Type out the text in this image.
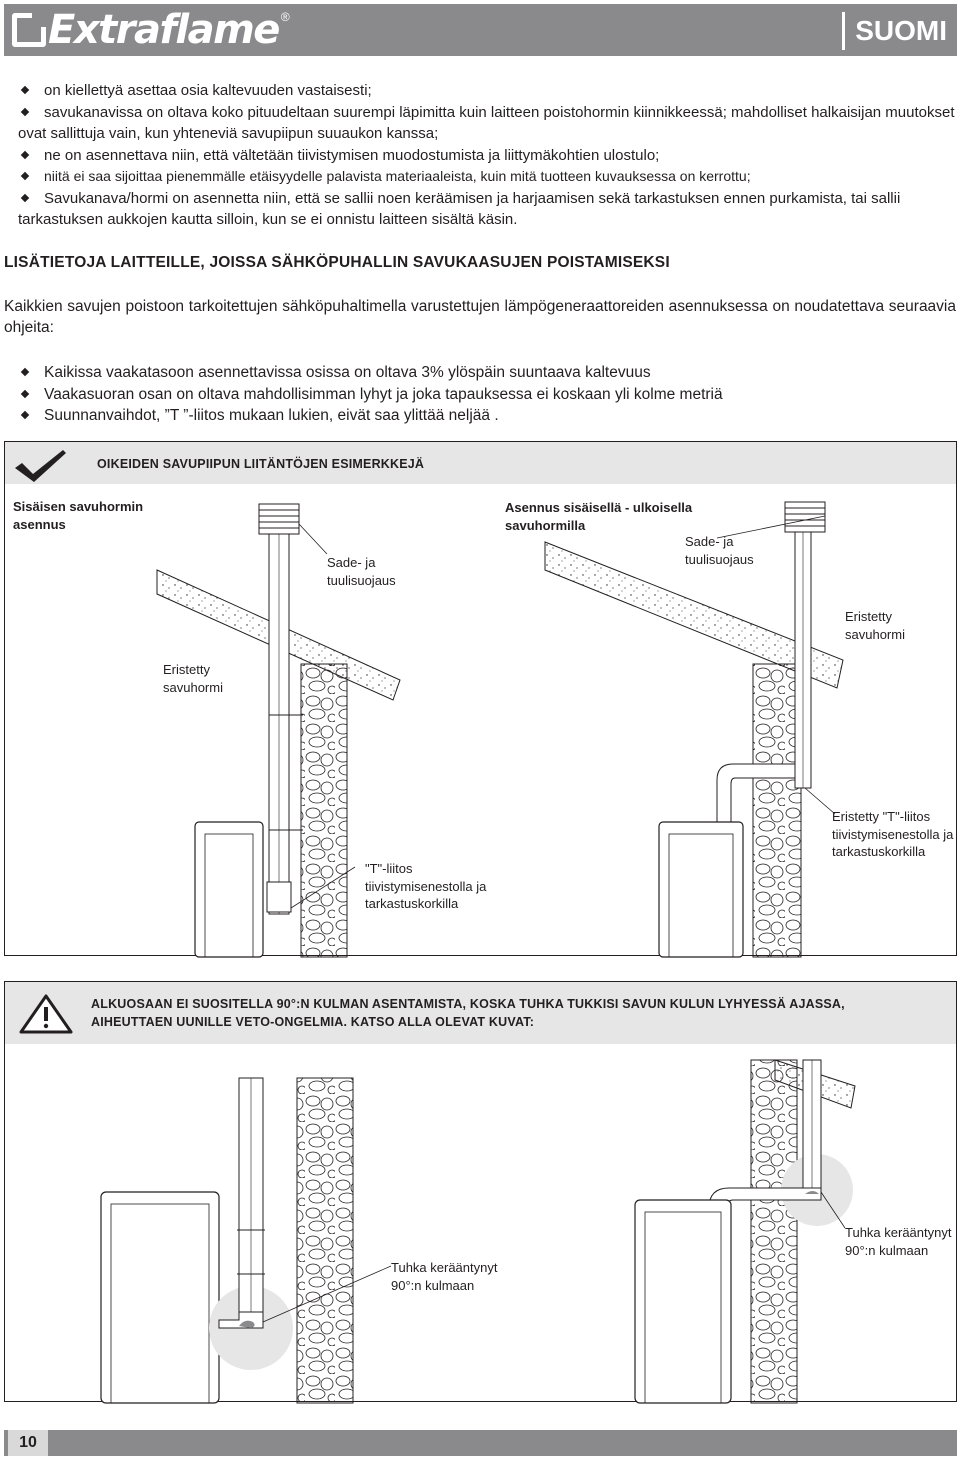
Extraflame ®	SUOMI
on kiellettyä asettaa osia kaltevuuden vastaisesti;
savukanavissa on oltava koko pituudeltaan suurempi läpimitta kuin laitteen poistohormin kiinnikkeessä; mahdolliset halkaisijan muutokset ovat sallittuja vain, kun yhteneviä savupiipun suuaukon kanssa;
ne on asennettava niin, että vältetään tiivistymisen muodostumista ja liittymäkohtien ulostulo;
niitä ei saa sijoittaa pienemmälle etäisyydelle palavista materiaaleista, kuin mitä tuotteen kuvauksessa on kerrottu;
Savukanava/hormi on asennetta niin, että se sallii noen keräämisen ja harjaamisen sekä tarkastuksen ennen purkamista, tai sallii tarkastuksen aukkojen kautta silloin, kun se ei onnistu laitteen sisältä käsin.
LISÄTIETOJA LAITTEILLE, JOISSA SÄHKÖPUHALLIN SAVUKAASUJEN POISTAMISEKSI
Kaikkien savujen poistoon tarkoitettujen sähköpuhaltimella varustettujen lämpögeneraattoreiden asennuksessa on noudatettava seuraavia ohjeita:
Kaikissa vaakatasoon asennettavissa osissa on oltava 3% ylöspäin suuntaava kaltevuus
Vaakasuoran osan on oltava mahdollisimman lyhyt ja joka tapauksessa ei koskaan yli kolme metriä
Suunnanvaihdot, ”T ”-liitos mukaan lukien, eivät saa ylittää neljää .
OIKEIDEN SAVUPIIPUN LIITÄNTÖJEN ESIMERKKEJÄ
Sisäisen savuhormin asennus
Asennus sisäisellä - ulkoisella savuhormilla
Sade- ja tuulisuojaus
Eristetty savuhormi
"T"-liitos tiivistymisenestolla ja tarkastuskorkilla
Sade- ja tuulisuojaus
Eristetty savuhormi
Eristetty "T"-liitos tiivistymisenestolla ja tarkastuskorkilla
ALKUOSAAN EI SUOSITELLA 90°:N KULMAN ASENTAMISTA, KOSKA TUHKA TUKKISI SAVUN KULUN LYHYESSÄ AJASSA,
AIHEUTTAEN UUNILLE VETO-ONGELMIA. KATSO ALLA OLEVAT KUVAT:
Tuhka kerääntynyt 90°:n kulmaan
Tuhka kerääntynyt 90°:n kulmaan
10
